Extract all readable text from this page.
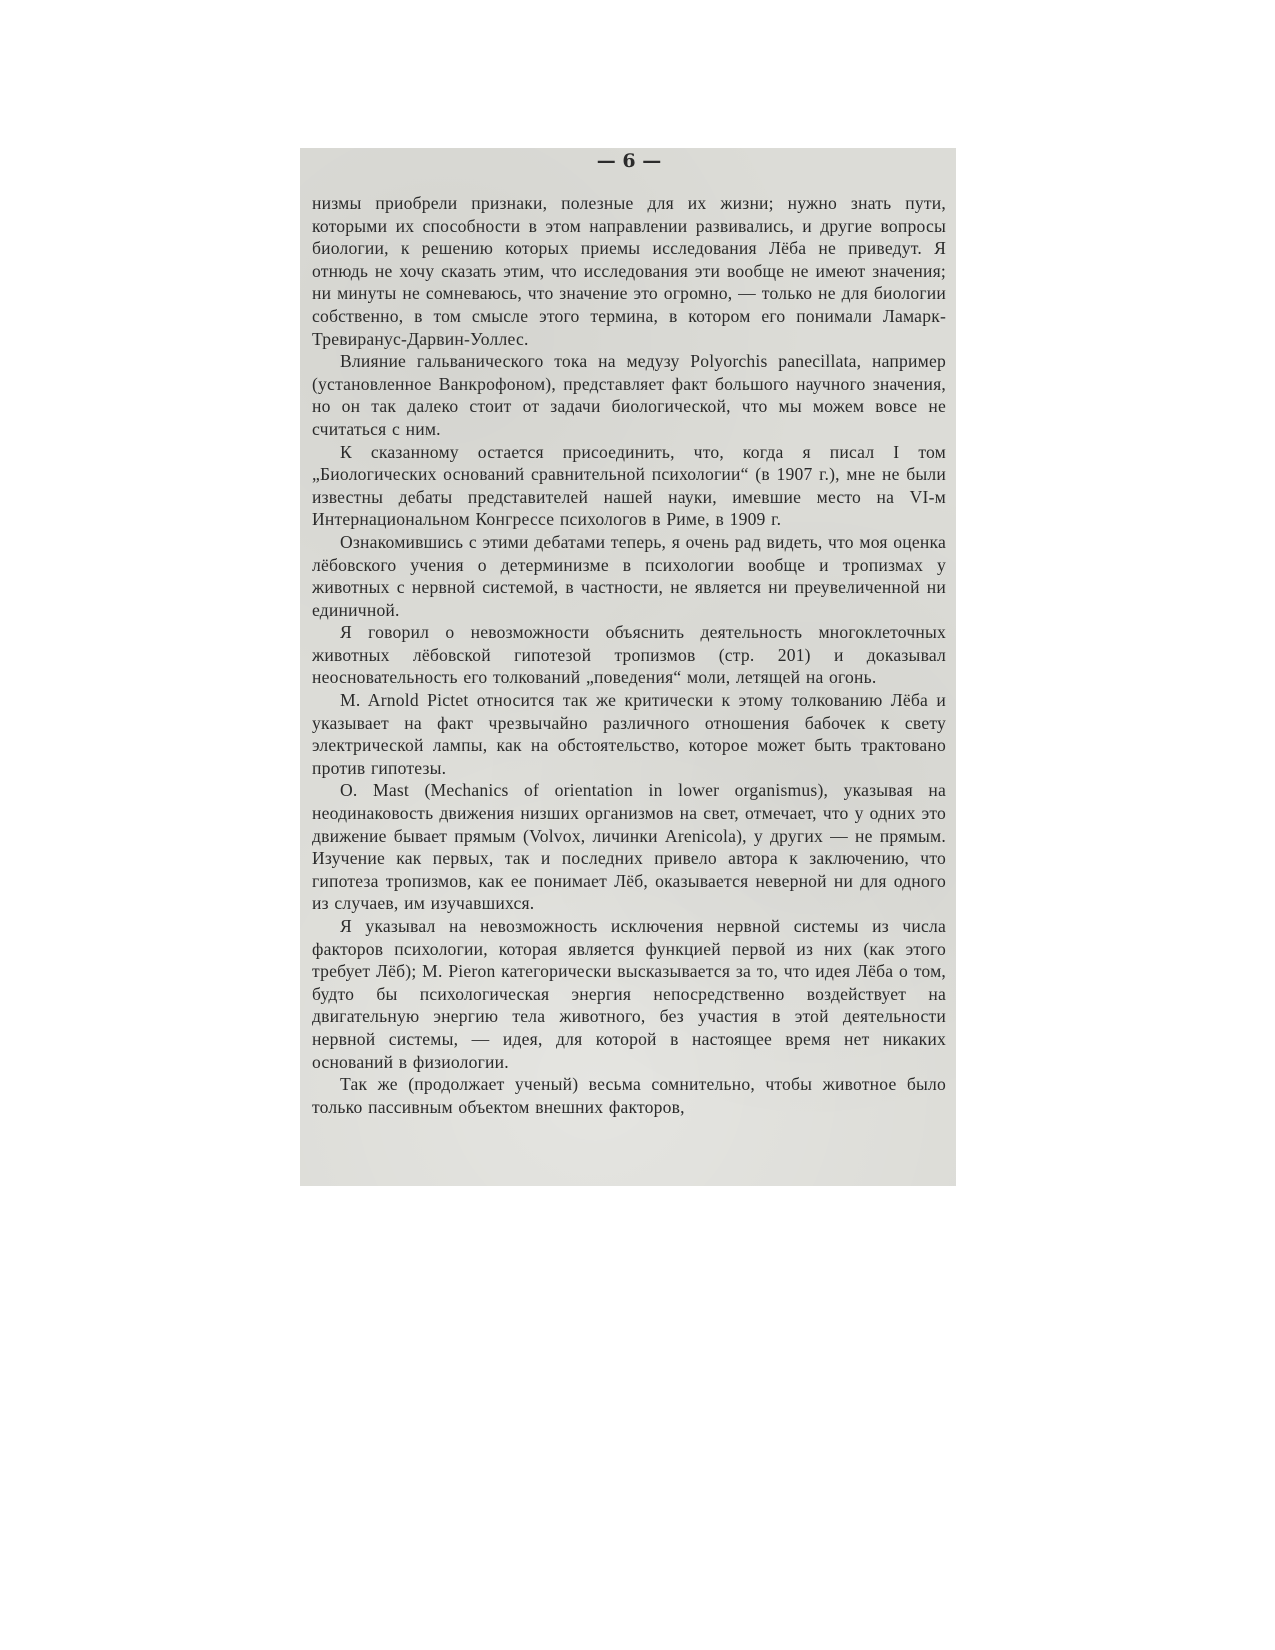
— 6 —

низмы приобрели признаки, полезные для их жизни; нужно знать пути, которыми их способности в этом направлении развивались, и другие вопросы биологии, к решению которых приемы исследования Лёба не приведут. Я отнюдь не хочу сказать этим, что исследования эти вообще не имеют значения; ни минуты не сомневаюсь, что значение это огромно, — только не для биологии собственно, в том смысле этого термина, в котором его понимали Ламарк-Тревиранус-Дарвин-Уоллес.

Влияние гальванического тока на медузу Polyorchis panecillata, например (установленное Ванкрофоном), представляет факт большого научного значения, но он так далеко стоит от задачи биологической, что мы можем вовсе не считаться с ним.

К сказанному остается присоединить, что, когда я писал I том „Биологических оснований сравнительной психологии“ (в 1907 г.), мне не были известны дебаты представителей нашей науки, имевшие место на VI-м Интернациональном Конгрессе психологов в Риме, в 1909 г.

Ознакомившись с этими дебатами теперь, я очень рад видеть, что моя оценка лёбовского учения о детерминизме в психологии вообще и тропизмах у животных с нервной системой, в частности, не является ни преувеличенной ни единичной.

Я говорил о невозможности объяснить деятельность многоклеточных животных лёбовской гипотезой тропизмов (стр. 201) и доказывал неосновательность его толкований „поведения“ моли, летящей на огонь.

M. Arnold Pictet относится так же критически к этому толкованию Лёба и указывает на факт чрезвычайно различного отношения бабочек к свету электрической лампы, как на обстоятельство, которое может быть трактовано против гипотезы.

O. Mast (Mechanics of orientation in lower organismus), указывая на неодинаковость движения низших организмов на свет, отмечает, что у одних это движение бывает прямым (Volvox, личинки Arenicola), у других — не прямым. Изучение как первых, так и последних привело автора к заключению, что гипотеза тропизмов, как ее понимает Лёб, оказывается неверной ни для одного из случаев, им изучавшихся.

Я указывал на невозможность исключения нервной системы из числа факторов психологии, которая является функцией первой из них (как этого требует Лёб); M. Pieron категорически высказывается за то, что идея Лёба о том, будто бы психологическая энергия непосредственно воздействует на двигательную энергию тела животного, без участия в этой деятельности нервной системы, — идея, для которой в настоящее время нет никаких оснований в физиологии.

Так же (продолжает ученый) весьма сомнительно, чтобы животное было только пассивным объектом внешних факторов,
